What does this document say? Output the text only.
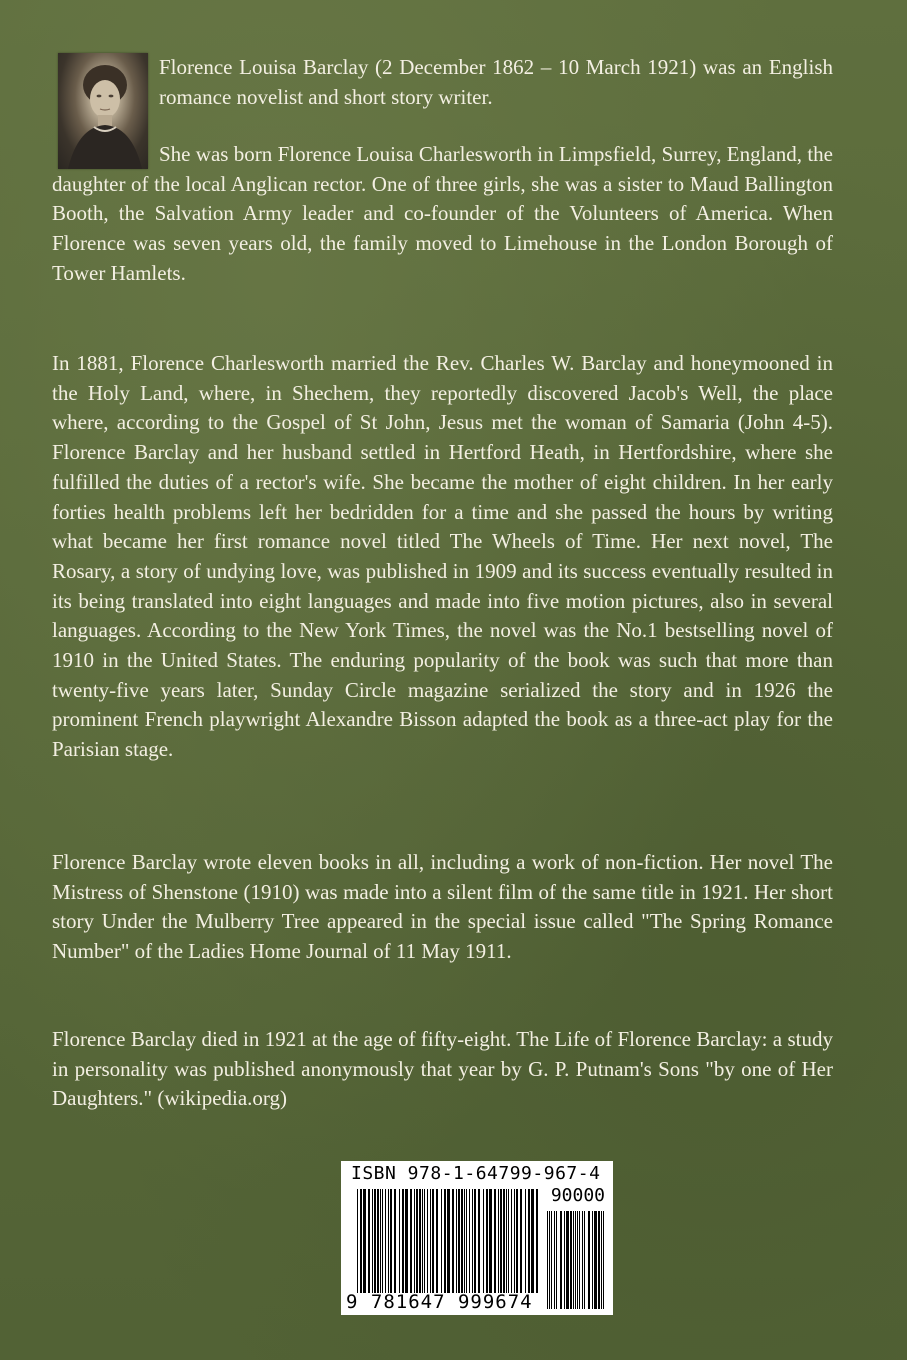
Florence Louisa Barclay (2 December 1862 – 10 March 1921) was an English romance novelist and short story writer.

She was born Florence Louisa Charlesworth in Limpsfield, Surrey, England, the daughter of the local Anglican rector. One of three girls, she was a sister to Maud Ballington Booth, the Salvation Army leader and co-founder of the Volunteers of America. When Florence was seven years old, the family moved to Limehouse in the London Borough of Tower Hamlets.

In 1881, Florence Charlesworth married the Rev. Charles W. Barclay and honeymooned in the Holy Land, where, in Shechem, they reportedly discovered Jacob's Well, the place where, according to the Gospel of St John, Jesus met the woman of Samaria (John 4-5). Florence Barclay and her husband settled in Hertford Heath, in Hertfordshire, where she fulfilled the duties of a rector's wife. She became the mother of eight children. In her early forties health problems left her bedridden for a time and she passed the hours by writing what became her first romance novel titled The Wheels of Time. Her next novel, The Rosary, a story of undying love, was published in 1909 and its success eventually resulted in its being translated into eight languages and made into five motion pictures, also in several languages. According to the New York Times, the novel was the No.1 bestselling novel of 1910 in the United States. The enduring popularity of the book was such that more than twenty-five years later, Sunday Circle magazine serialized the story and in 1926 the prominent French playwright Alexandre Bisson adapted the book as a three-act play for the Parisian stage.

Florence Barclay wrote eleven books in all, including a work of non-fiction. Her novel The Mistress of Shenstone (1910) was made into a silent film of the same title in 1921. Her short story Under the Mulberry Tree appeared in the special issue called "The Spring Romance Number" of the Ladies Home Journal of 11 May 1911.

Florence Barclay died in 1921 at the age of fifty-eight. The Life of Florence Barclay: a study in personality was published anonymously that year by G. P. Putnam's Sons "by one of Her Daughters." (wikipedia.org)

ISBN 978-1-64799-967-4
90000
9 781647 999674
